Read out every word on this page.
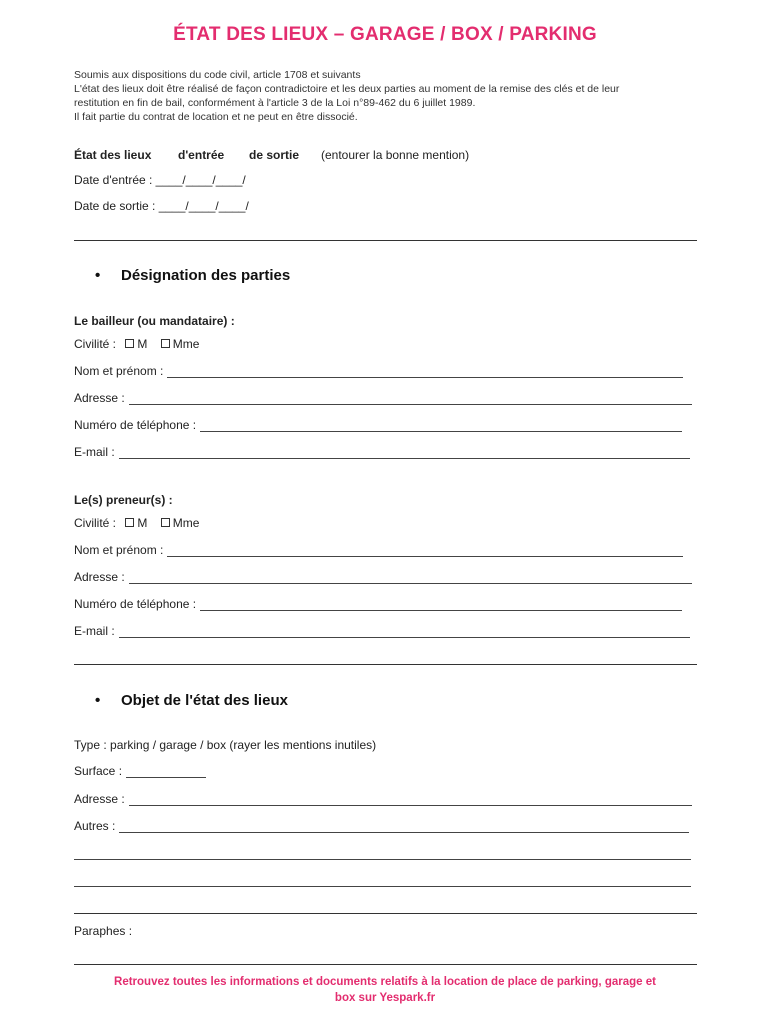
ÉTAT DES LIEUX – GARAGE / BOX / PARKING
Soumis aux dispositions du code civil, article 1708 et suivants
L'état des lieux doit être réalisé de façon contradictoire et les deux parties au moment de la remise des clés et de leur
restitution en fin de bail, conformément à l'article 3 de la Loi n°89-462 du 6 juillet 1989.
Il fait partie du contrat de location et ne peut en être dissocié.
État des lieux d'entrée de sortie (entourer la bonne mention)
Date d'entrée : ____/____/____/
Date de sortie : ____/____/____/
• Désignation des parties
Le bailleur (ou mandataire) :
Civilité : M Mme
Nom et prénom :
Adresse :
Numéro de téléphone :
E-mail :
Le(s) preneur(s) :
Civilité : M Mme
Nom et prénom :
Adresse :
Numéro de téléphone :
E-mail :
• Objet de l'état des lieux
Type : parking / garage / box (rayer les mentions inutiles)
Surface :
Adresse :
Autres :
Paraphes :
Retrouvez toutes les informations et documents relatifs à la location de place de parking, garage et
box sur Yespark.fr
